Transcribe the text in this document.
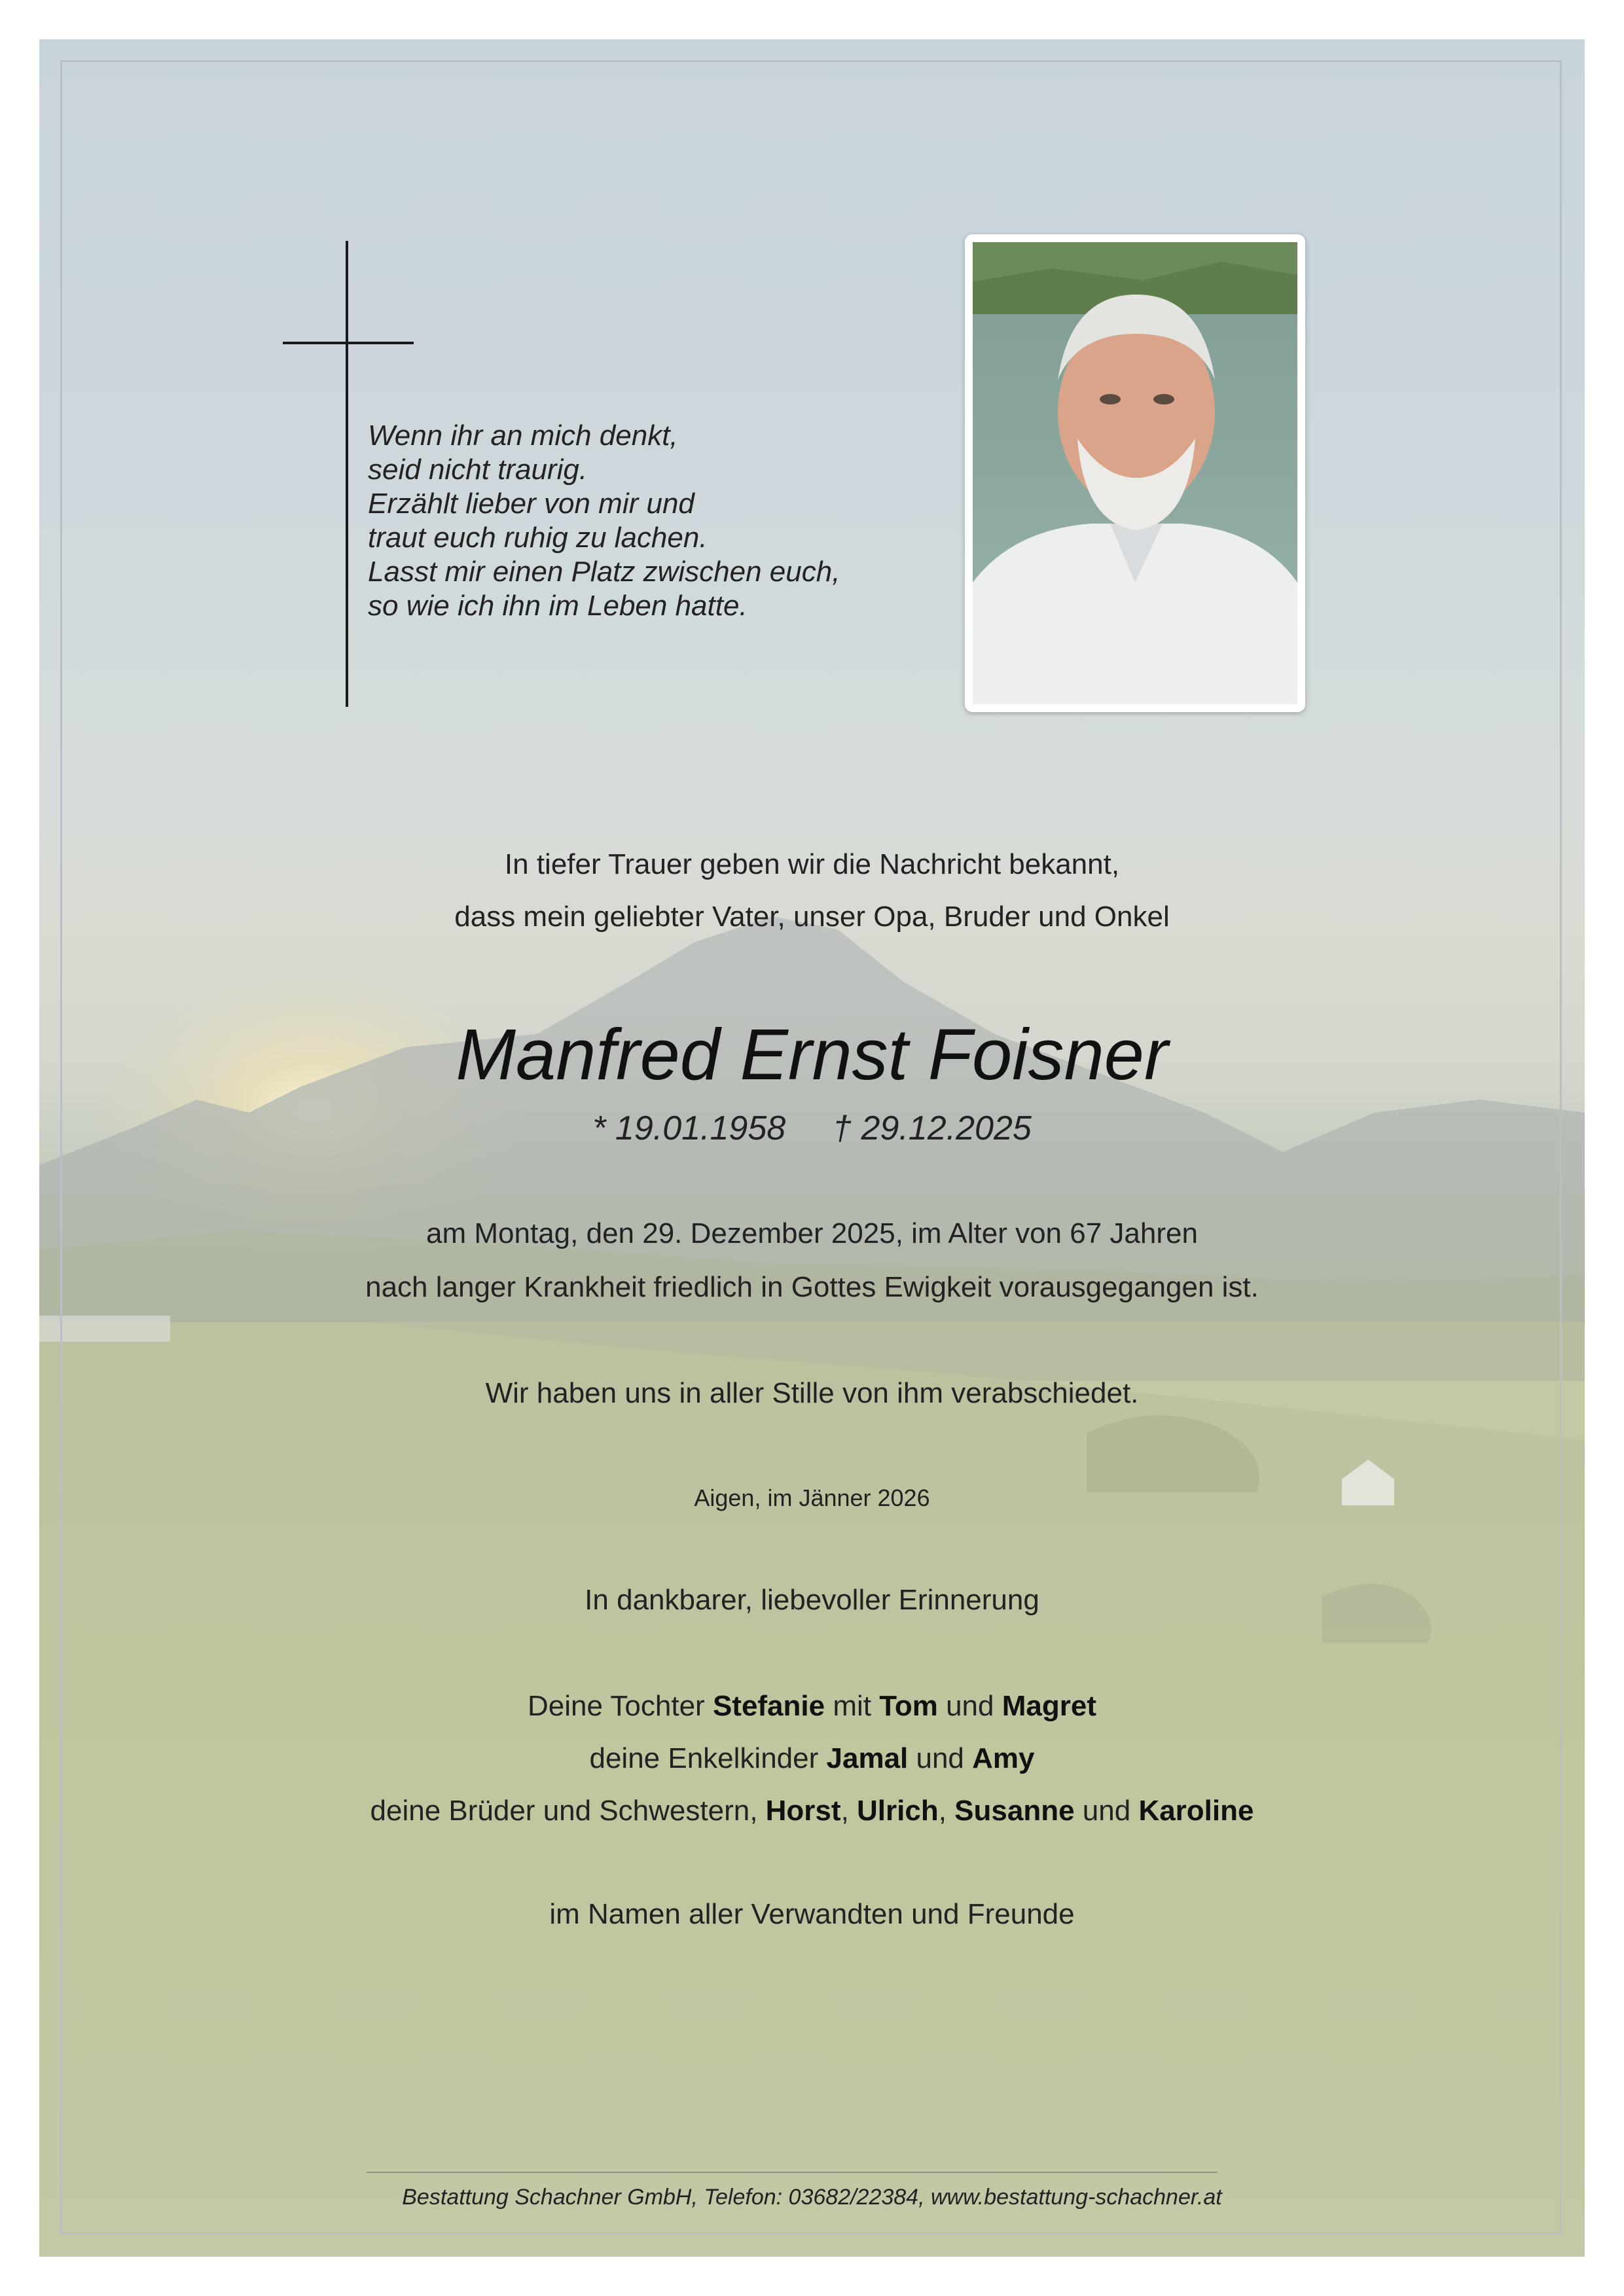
Wenn ihr an mich denkt,
seid nicht traurig.
Erzählt lieber von mir und
traut euch ruhig zu lachen.
Lasst mir einen Platz zwischen euch,
so wie ich ihn im Leben hatte.
In tiefer Trauer geben wir die Nachricht bekannt,
dass mein geliebter Vater, unser Opa, Bruder und Onkel
Manfred Ernst Foisner
* 19.01.1958 † 29.12.2025
am Montag, den 29. Dezember 2025, im Alter von 67 Jahren
nach langer Krankheit friedlich in Gottes Ewigkeit vorausgegangen ist.
Wir haben uns in aller Stille von ihm verabschiedet.
Aigen, im Jänner 2026
In dankbarer, liebevoller Erinnerung
Deine Tochter Stefanie mit Tom und Magret
deine Enkelkinder Jamal und Amy
deine Brüder und Schwestern, Horst, Ulrich, Susanne und Karoline
im Namen aller Verwandten und Freunde
Bestattung Schachner GmbH, Telefon: 03682/22384, www.bestattung-schachner.at
